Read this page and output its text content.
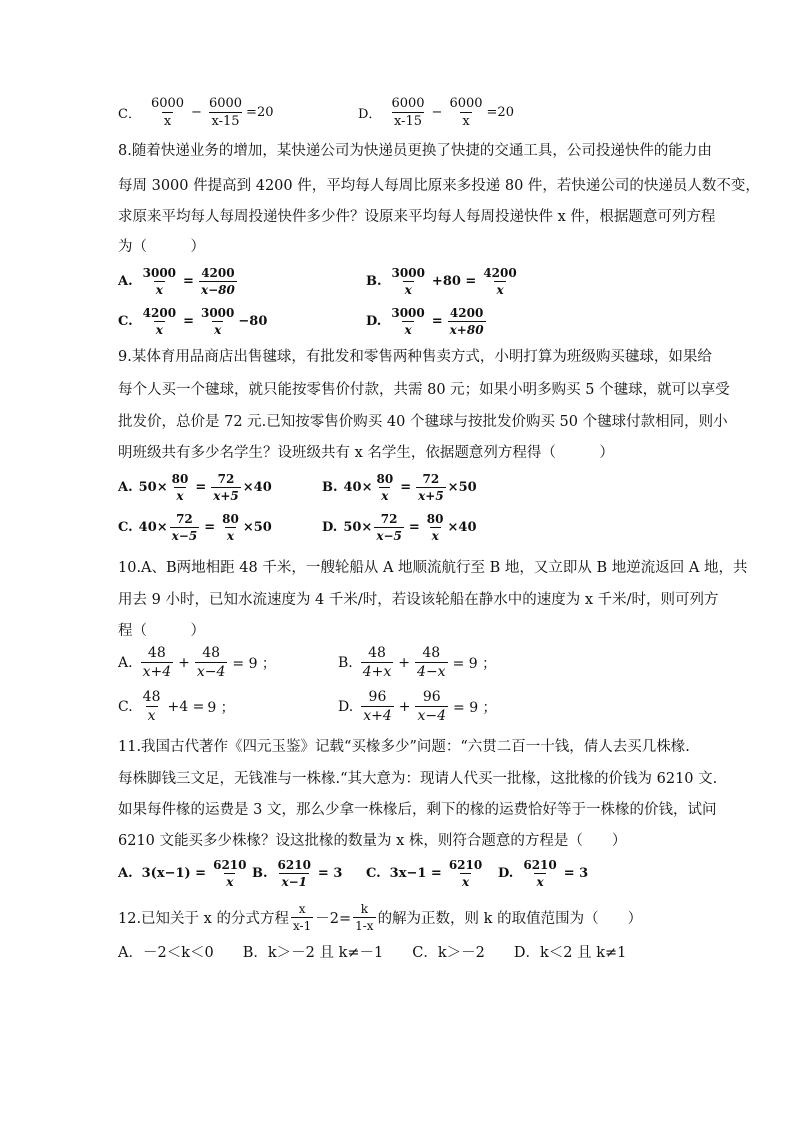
C． $\frac{6000}{x} - \frac{6000}{x-15} =20$	D． $\frac{6000}{x-15} - \frac{6000}{x} =20$
8.随着快递业务的增加，某快递公司为快递员更换了快捷的交通工具，公司投递快件的能力由
每周 3000 件提高到 4200 件，平均每人每周比原来多投递 80 件，若快递公司的快递员人数不变，
求原来平均每人每周投递快件多少件？设原来平均每人每周投递快件 x 件，根据题意可列方程
为（　　　）
A. $\frac{3000}{x} = \frac{4200}{x-80}$	B. $\frac{3000}{x} +80 = \frac{4200}{x}$
C. $\frac{4200}{x} = \frac{3000}{x} -80$	D. $\frac{3000}{x} = \frac{4200}{x+80}$
9.某体育用品商店出售毽球，有批发和零售两种售卖方式，小明打算为班级购买毽球，如果给
每个人买一个毽球，就只能按零售价付款，共需 80 元；如果小明多购买 5 个毽球，就可以享受
批发价，总价是 72 元.已知按零售价购买 40 个毽球与按批发价购买 50 个毽球付款相同，则小
明班级共有多少名学生？设班级共有 x 名学生，依据题意列方程得（　　　）
A. $50\times \frac{80}{x} = \frac{72}{x+5} \times 40$	B. $40\times \frac{80}{x} = \frac{72}{x+5} \times 50$
C. $40\times \frac{72}{x-5} = \frac{80}{x} \times 50$	D. $50\times \frac{72}{x-5} = \frac{80}{x} \times 40$
10.A、B两地相距 48 千米，一艘轮船从 A 地顺流航行至 B 地，又立即从 B 地逆流返回 A 地，共
用去 9 小时，已知水流速度为 4 千米/时，若设该轮船在静水中的速度为 x 千米/时，则可列方
程（　　　）
A. $\frac{48}{x+4} + \frac{48}{x-4} = 9$ ；	B. $\frac{48}{4+x} + \frac{48}{4-x} = 9$ ；
C. $\frac{48}{x} +4 = 9$ ；	D. $\frac{96}{x+4} + \frac{96}{x-4} = 9$ ；
11.我国古代著作《四元玉鉴》记载“买椽多少”问题：“六贯二百一十钱，倩人去买几株椽.
每株脚钱三文足，无钱准与一株椽.“其大意为：现请人代买一批椽，这批椽的价钱为 6210 文.
如果每件椽的运费是 3 文，那么少拿一株椽后，剩下的椽的运费恰好等于一株椽的价钱，试问
6210 文能买多少株椽？设这批椽的数量为 x 株，则符合题意的方程是（　　）
A. $3(x-1) = \frac{6210}{x} B$. $\frac{6210}{x-1} = 3$ C. $3x-1 = \frac{6210}{x} D$. $\frac{6210}{x} = 3$
12.已知关于 x 的分式方程 $\frac{x}{x-1} -2= \frac{k}{1-x}$ 的解为正数，则 k 的取值范围为（　　）
A．－2＜k＜0　　B．k＞－2 且 k≠－1　　C．k＞－2　　D．k＜2 且 k≠1
